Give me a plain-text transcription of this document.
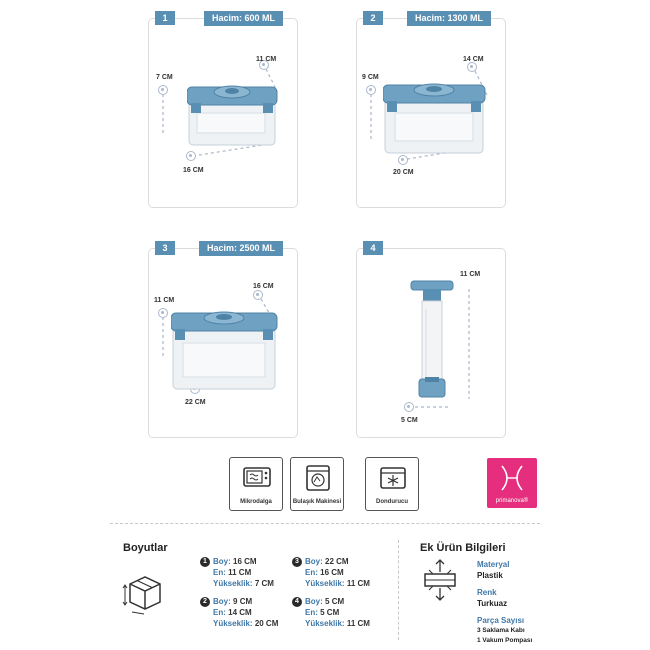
1	Hacim: 600 ML
7 CM
11 CM
16 CM
2	Hacim: 1300 ML
9 CM
14 CM
20 CM
3	Hacim: 2500 ML
11 CM
16 CM
22 CM
4
11 CM
5 CM
Mikrodalga	Bulaşık Makinesi	Dondurucu	primanova®
Boyutlar
1 Boy: 16 CM
En: 11 CM
Yükseklik: 7 CM
2 Boy: 9 CM
En: 14 CM
Yükseklik: 20 CM
3 Boy: 22 CM
En: 16 CM
Yükseklik: 11 CM
4 Boy: 5 CM
En: 5 CM
Yükseklik: 11 CM
Ek Ürün Bilgileri
Materyal
Plastik
Renk
Turkuaz
Parça Sayısı
3 Saklama Kabı
1 Vakum Pompası
